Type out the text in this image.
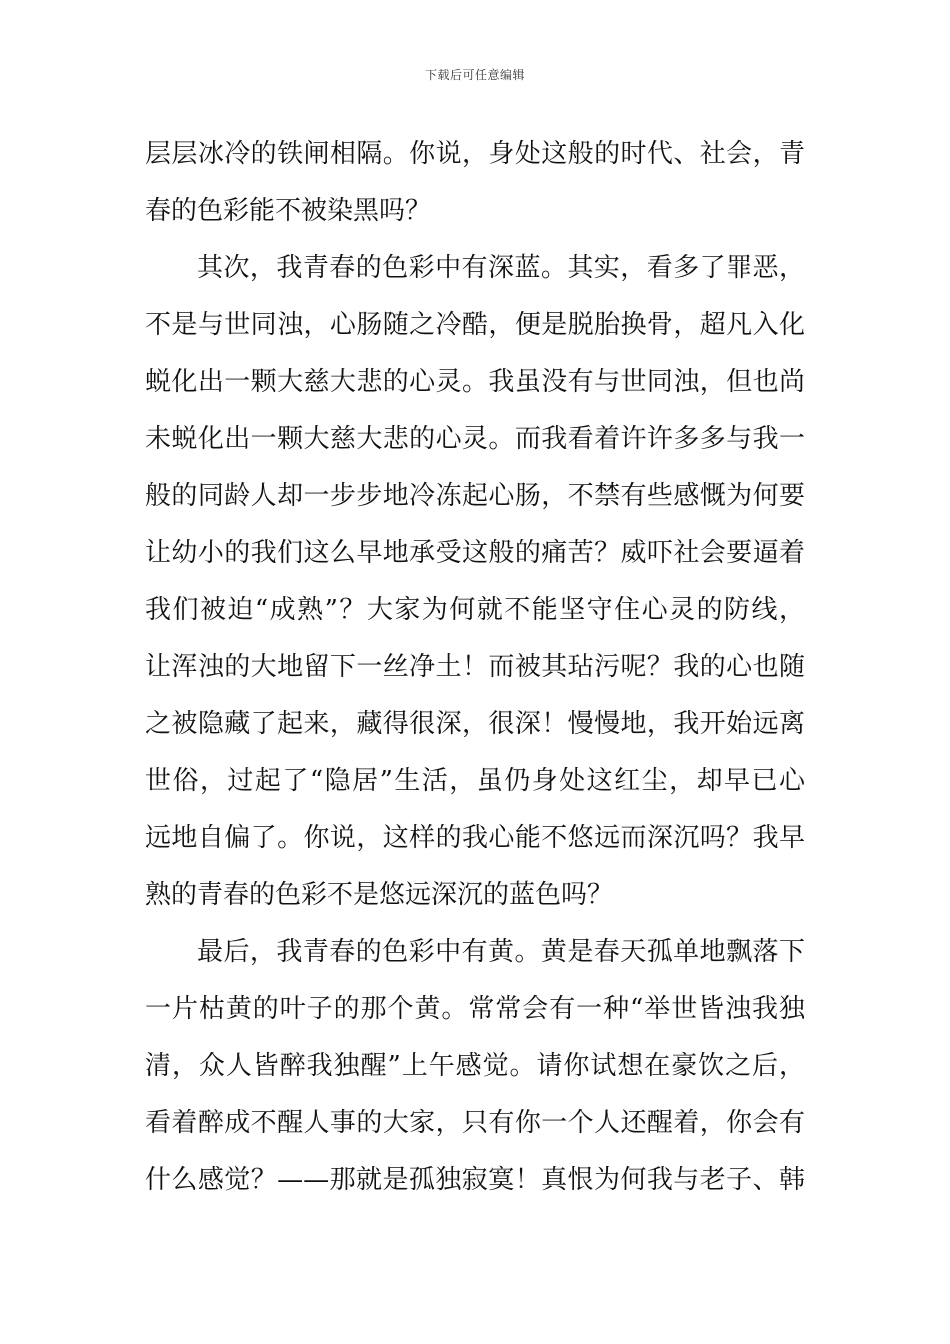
下载后可任意编辑
层层冰冷的铁闸相隔。你说，身处这般的时代、社会，青
春的色彩能不被染黑吗？
其次，我青春的色彩中有深蓝。其实，看多了罪恶，
不是与世同浊，心肠随之冷酷，便是脱胎换骨，超凡入化
蜕化出一颗大慈大悲的心灵。我虽没有与世同浊，但也尚
未蜕化出一颗大慈大悲的心灵。而我看着许许多多与我一
般的同龄人却一步步地冷冻起心肠，不禁有些感慨为何要
让幼小的我们这么早地承受这般的痛苦？威吓社会要逼着
我们被迫“成熟”？大家为何就不能坚守住心灵的防线，
让浑浊的大地留下一丝净土！而被其玷污呢？我的心也随
之被隐藏了起来，藏得很深，很深！慢慢地，我开始远离
世俗，过起了“隐居”生活，虽仍身处这红尘，却早已心
远地自偏了。你说，这样的我心能不悠远而深沉吗？我早
熟的青春的色彩不是悠远深沉的蓝色吗？
最后，我青春的色彩中有黄。黄是春天孤单地飘落下
一片枯黄的叶子的那个黄。常常会有一种“举世皆浊我独
清，众人皆醉我独醒”上午感觉。请你试想在豪饮之后，
看着醉成不醒人事的大家，只有你一个人还醒着，你会有
什么感觉？——那就是孤独寂寞！真恨为何我与老子、韩
